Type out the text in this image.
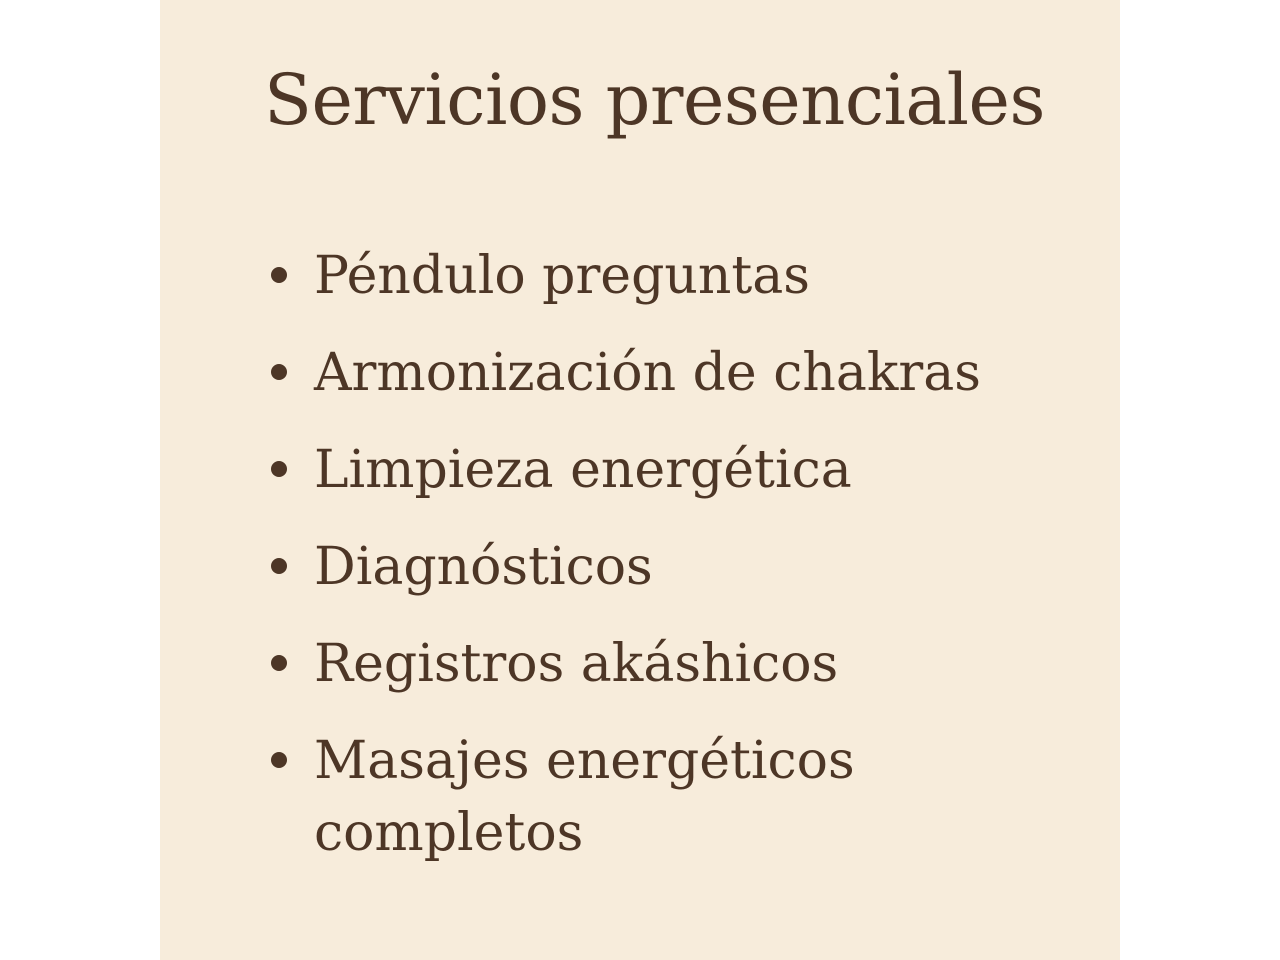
Servicios presenciales
Péndulo preguntas
Armonización de chakras
Limpieza energética
Diagnósticos
Registros akáshicos
Masajes energéticos completos
